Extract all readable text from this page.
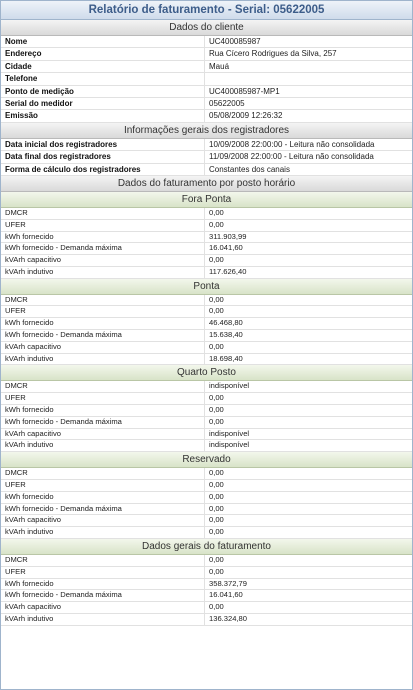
Relatório de faturamento - Serial: 05622005
Dados do cliente
Nome	UC400085987
Endereço	Rua Cícero Rodrigues da Silva, 257
Cidade	Mauá
Telefone
Ponto de medição	UC400085987-MP1
Serial do medidor	05622005
Emissão	05/08/2009 12:26:32
Informações gerais dos registradores
Data inicial dos registradores	10/09/2008 22:00:00 - Leitura não consolidada
Data final dos registradores	11/09/2008 22:00:00 - Leitura não consolidada
Forma de cálculo dos registradores	Constantes dos canais
Dados do faturamento por posto horário
Fora Ponta
DMCR	0,00
UFER	0,00
kWh fornecido	311.903,99
kWh fornecido - Demanda máxima	16.041,60
kVArh capacitivo	0,00
kVArh indutivo	117.626,40
Ponta
DMCR	0,00
UFER	0,00
kWh fornecido	46.468,80
kWh fornecido - Demanda máxima	15.638,40
kVArh capacitivo	0,00
kVArh indutivo	18.698,40
Quarto Posto
DMCR	indisponível
UFER	0,00
kWh fornecido	0,00
kWh fornecido - Demanda máxima	0,00
kVArh capacitivo	indisponível
kVArh indutivo	indisponível
Reservado
DMCR	0,00
UFER	0,00
kWh fornecido	0,00
kWh fornecido - Demanda máxima	0,00
kVArh capacitivo	0,00
kVArh indutivo	0,00
Dados gerais do faturamento
DMCR	0,00
UFER	0,00
kWh fornecido	358.372,79
kWh fornecido - Demanda máxima	16.041,60
kVArh capacitivo	0,00
kVArh indutivo	136.324,80
